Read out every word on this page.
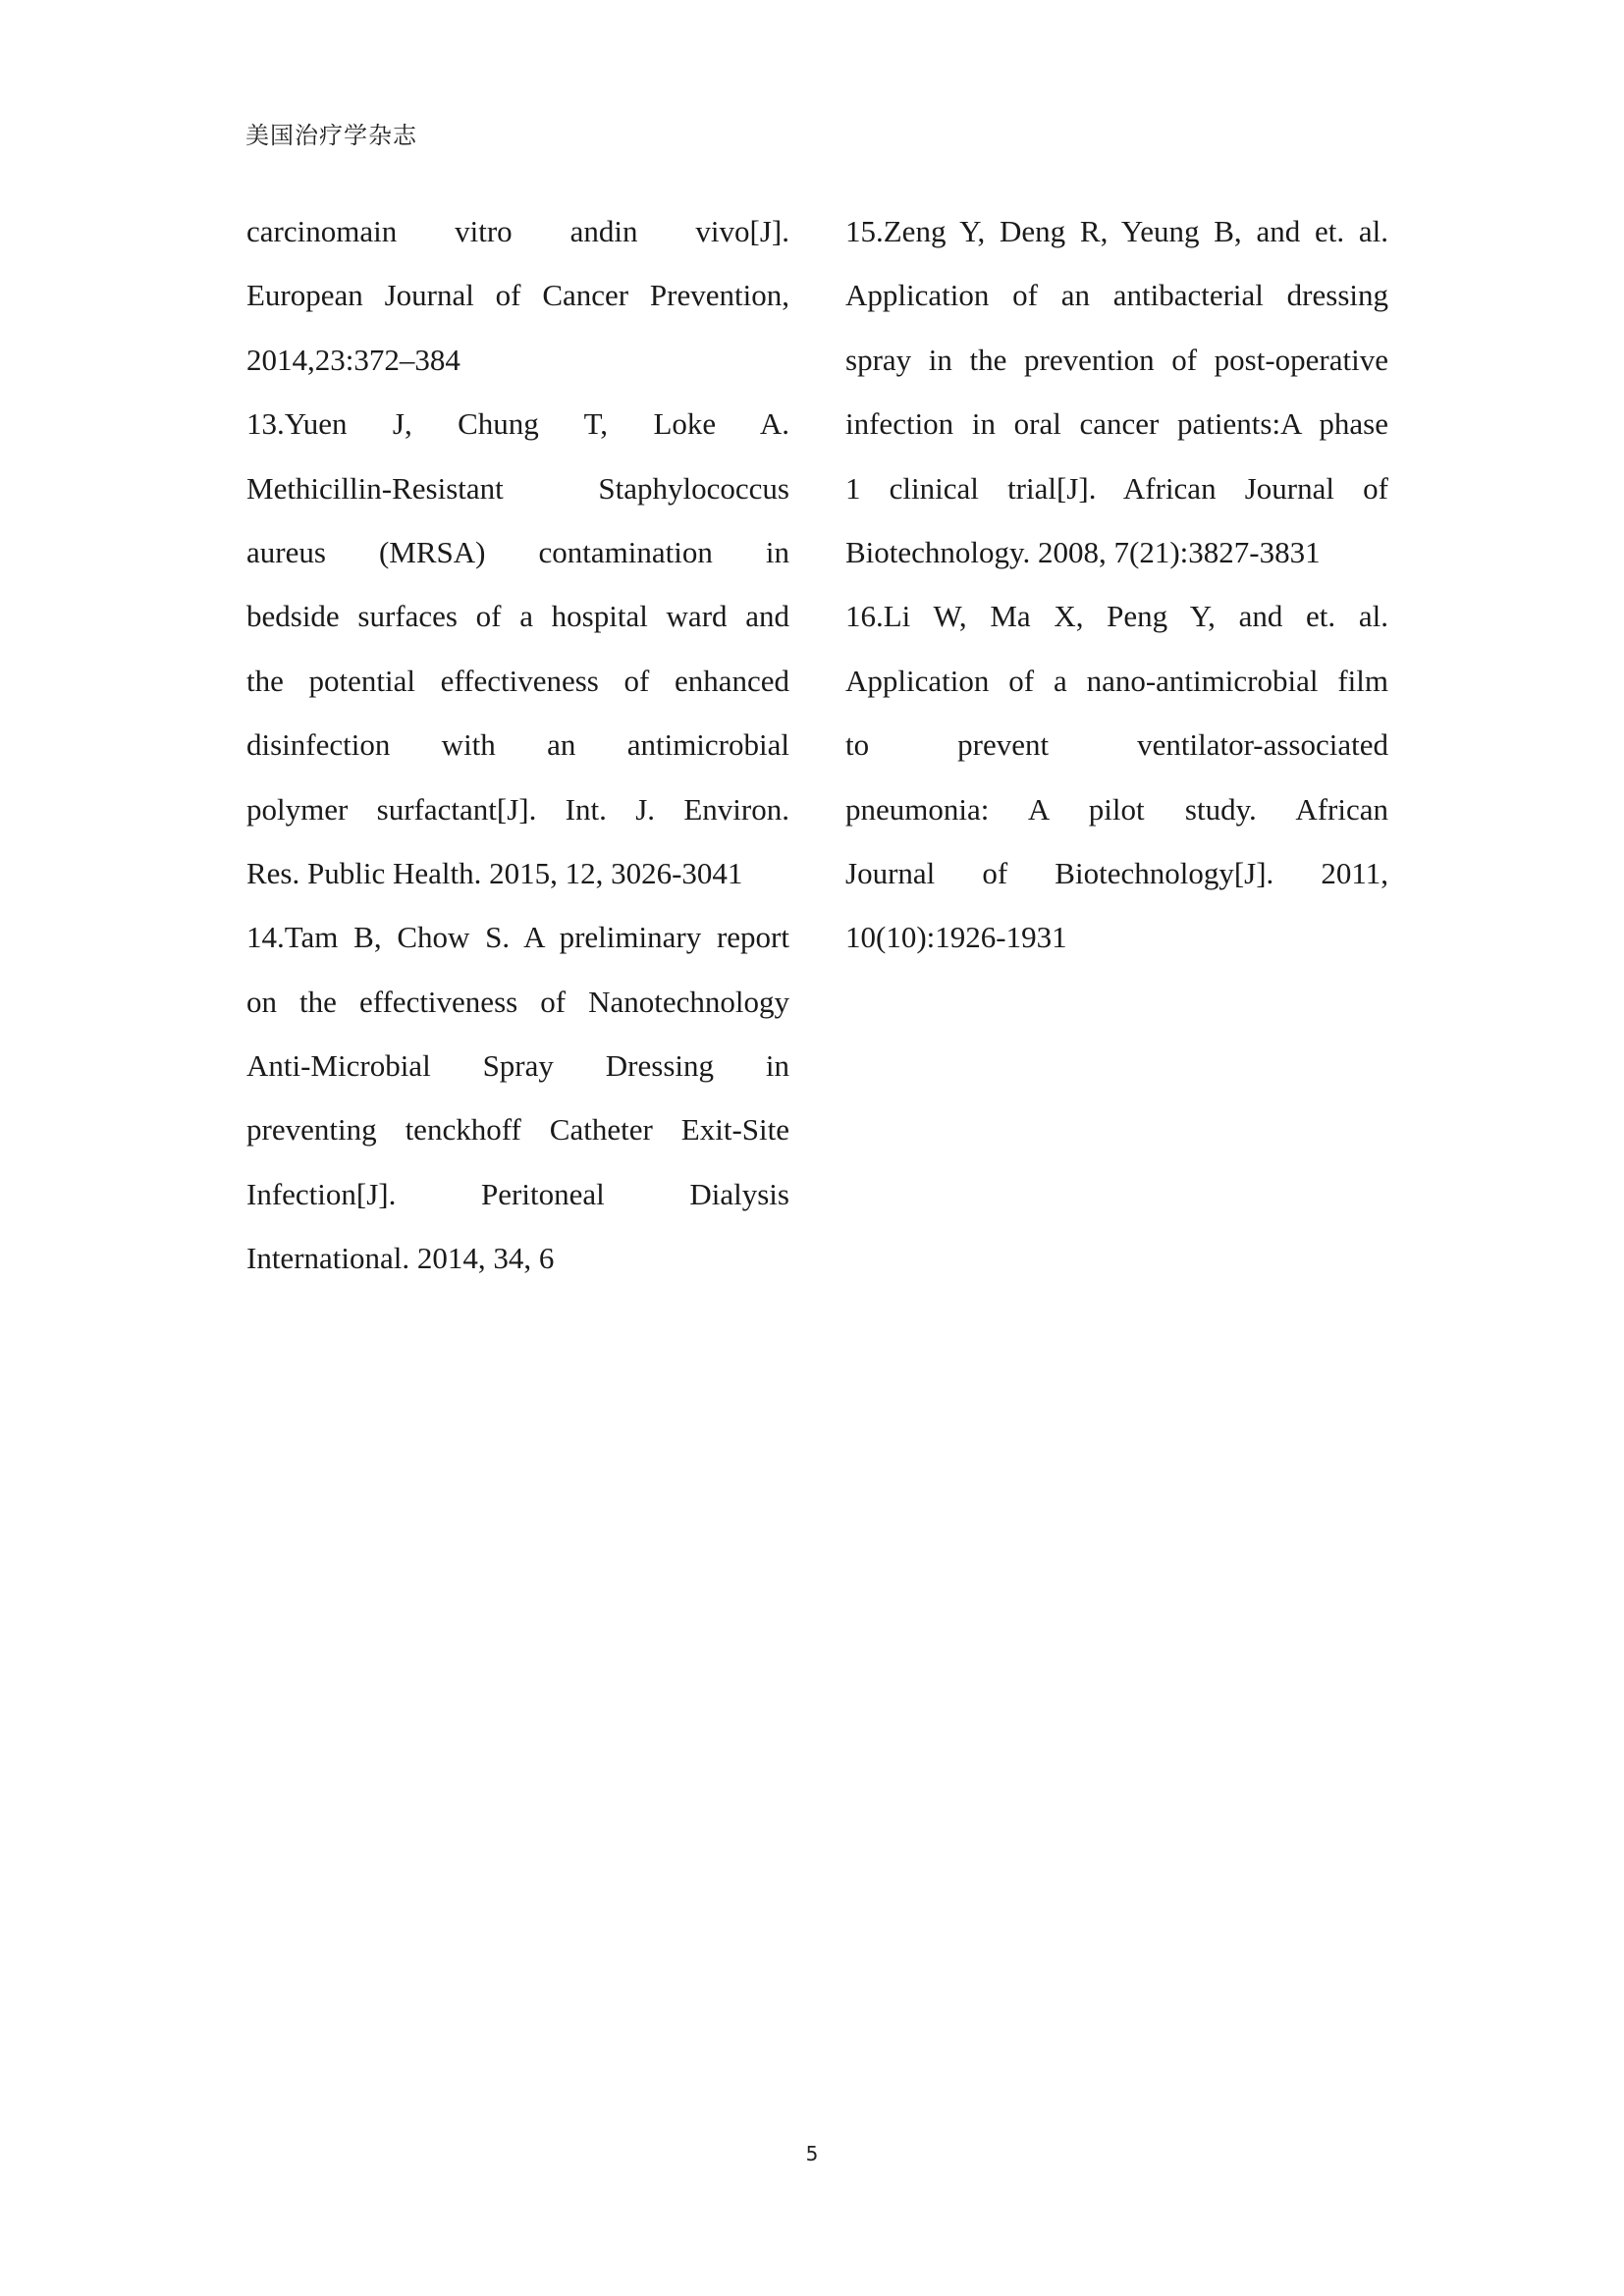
美国治疗学杂志
carcinomain vitro andin vivo[J].
European Journal of Cancer Prevention,
2014,23:372–384
13.Yuen J, Chung T, Loke A.
Methicillin-Resistant Staphylococcus
aureus (MRSA) contamination in
bedside surfaces of a hospital ward and
the potential effectiveness of enhanced
disinfection with an antimicrobial
polymer surfactant[J]. Int. J. Environ.
Res. Public Health. 2015, 12, 3026-3041
14.Tam B, Chow S. A preliminary report
on the effectiveness of Nanotechnology
Anti-Microbial Spray Dressing in
preventing tenckhoff Catheter Exit-Site
Infection[J]. Peritoneal Dialysis
International. 2014, 34, 6
15.Zeng Y, Deng R, Yeung B, and et. al.
Application of an antibacterial dressing
spray in the prevention of post-operative
infection in oral cancer patients:A phase
1 clinical trial[J]. African Journal of
Biotechnology. 2008, 7(21):3827-3831
16.Li W, Ma X, Peng Y, and et. al.
Application of a nano-antimicrobial film
to prevent ventilator-associated
pneumonia: A pilot study. African
Journal of Biotechnology[J]. 2011,
10(10):1926-1931
5
